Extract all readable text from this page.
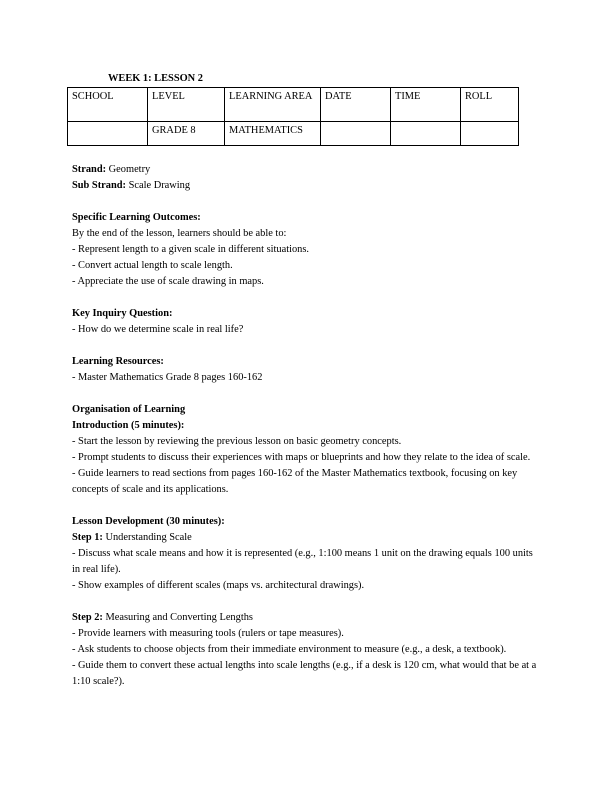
WEEK 1: LESSON 2

SCHOOL	LEVEL	LEARNING AREA	DATE	TIME	ROLL
	GRADE 8	MATHEMATICS			

Strand: Geometry

Sub Strand: Scale Drawing

Specific Learning Outcomes:

By the end of the lesson, learners should be able to:

- Represent length to a given scale in different situations.

- Convert actual length to scale length.

- Appreciate the use of scale drawing in maps.

Key Inquiry Question:

- How do we determine scale in real life?

Learning Resources:

- Master Mathematics Grade 8 pages 160-162

Organisation of Learning

Introduction (5 minutes):

- Start the lesson by reviewing the previous lesson on basic geometry concepts.

- Prompt students to discuss their experiences with maps or blueprints and how they relate to the idea of scale.

- Guide learners to read sections from pages 160-162 of the Master Mathematics textbook, focusing on key concepts of scale and its applications.

Lesson Development (30 minutes):

Step 1: Understanding Scale

- Discuss what scale means and how it is represented (e.g., 1:100 means 1 unit on the drawing equals 100 units in real life).

- Show examples of different scales (maps vs. architectural drawings).

Step 2: Measuring and Converting Lengths

- Provide learners with measuring tools (rulers or tape measures).

- Ask students to choose objects from their immediate environment to measure (e.g., a desk, a textbook).

- Guide them to convert these actual lengths into scale lengths (e.g., if a desk is 120 cm, what would that be at a 1:10 scale?).
